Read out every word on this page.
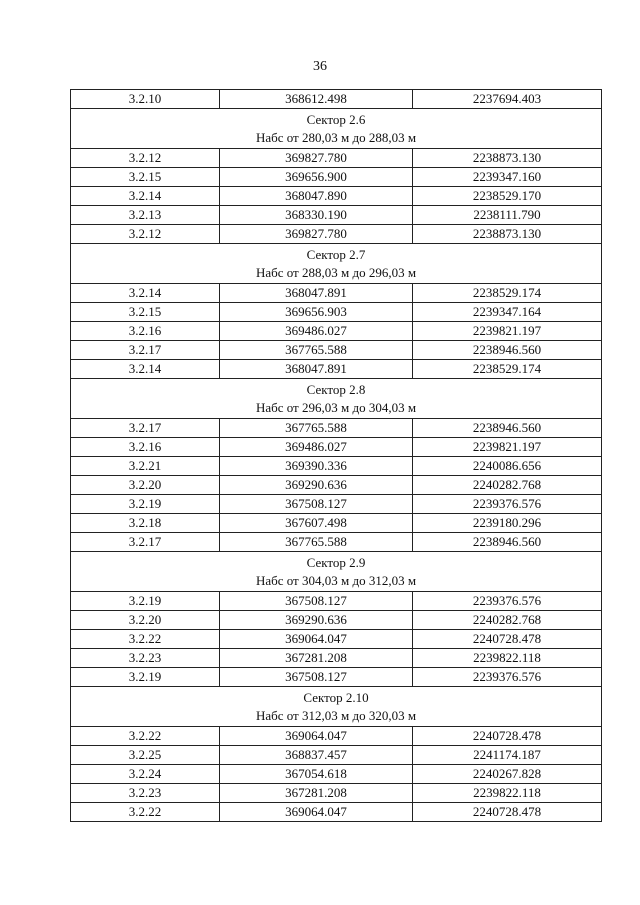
36
3.2.10	368612.498	2237694.403

Сектор 2.6
Набс от 280,03 м до 288,03 м		

3.2.12	369827.780	2238873.130
3.2.15	369656.900	2239347.160
3.2.14	368047.890	2238529.170
3.2.13	368330.190	2238111.790
3.2.12	369827.780	2238873.130

Сектор 2.7
Набс от 288,03 м до 296,03 м		

3.2.14	368047.891	2238529.174
3.2.15	369656.903	2239347.164
3.2.16	369486.027	2239821.197
3.2.17	367765.588	2238946.560
3.2.14	368047.891	2238529.174

Сектор 2.8
Набс от 296,03 м до 304,03 м		

3.2.17	367765.588	2238946.560
3.2.16	369486.027	2239821.197
3.2.21	369390.336	2240086.656
3.2.20	369290.636	2240282.768
3.2.19	367508.127	2239376.576
3.2.18	367607.498	2239180.296
3.2.17	367765.588	2238946.560

Сектор 2.9
Набс от 304,03 м до 312,03 м		

3.2.19	367508.127	2239376.576
3.2.20	369290.636	2240282.768
3.2.22	369064.047	2240728.478
3.2.23	367281.208	2239822.118
3.2.19	367508.127	2239376.576

Сектор 2.10
Набс от 312,03 м до 320,03 м		

3.2.22	369064.047	2240728.478
3.2.25	368837.457	2241174.187
3.2.24	367054.618	2240267.828
3.2.23	367281.208	2239822.118
3.2.22	369064.047	2240728.478
